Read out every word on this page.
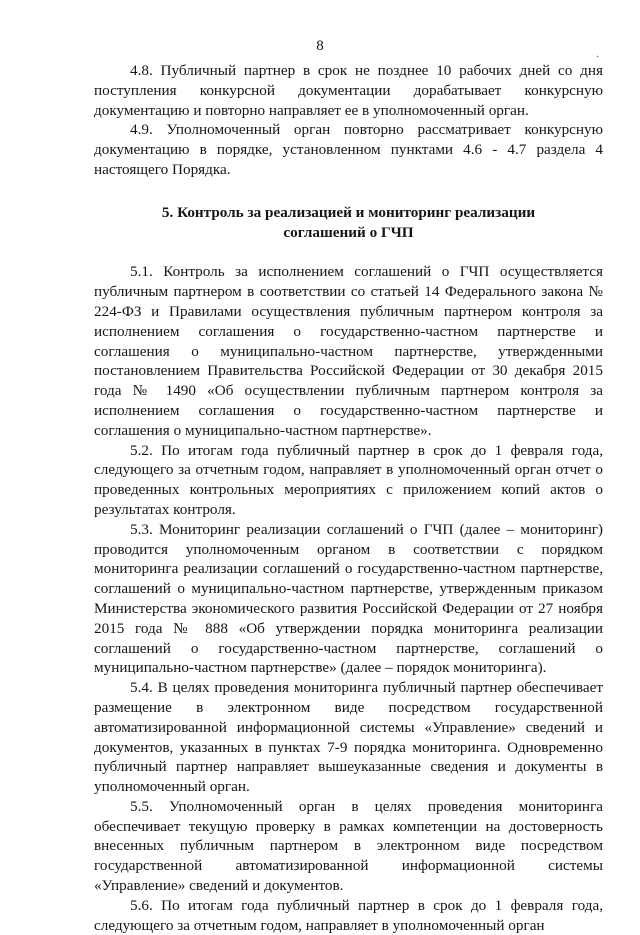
8	.

4.8. Публичный партнер в срок не позднее 10 рабочих дней со дня поступления конкурсной документации дорабатывает конкурсную документацию и повторно направляет ее в уполномоченный орган.

4.9. Уполномоченный орган повторно рассматривает конкурсную документацию в порядке, установленном пунктами 4.6 - 4.7 раздела 4 настоящего Порядка.

5. Контроль за реализацией и мониторинг реализации
соглашений о ГЧП

5.1. Контроль за исполнением соглашений о ГЧП осуществляется публичным партнером в соответствии со статьей 14 Федерального закона № 224-ФЗ и Правилами осуществления публичным партнером контроля за исполнением соглашения о государственно-частном партнерстве и соглашения о муниципально-частном партнерстве, утвержденными постановлением Правительства Российской Федерации от 30 декабря 2015 года № 1490 «Об осуществлении публичным партнером контроля за исполнением соглашения о государственно-частном партнерстве и соглашения о муниципально-частном партнерстве».

5.2. По итогам года публичный партнер в срок до 1 февраля года, следующего за отчетным годом, направляет в уполномоченный орган отчет о проведенных контрольных мероприятиях с приложением копий актов о результатах контроля.

5.3. Мониторинг реализации соглашений о ГЧП (далее – мониторинг) проводится уполномоченным органом в соответствии с порядком мониторинга реализации соглашений о государственно-частном партнерстве, соглашений о муниципально-частном партнерстве, утвержденным приказом Министерства экономического развития Российской Федерации от 27 ноября 2015 года № 888 «Об утверждении порядка мониторинга реализации соглашений о государственно-частном партнерстве, соглашений о муниципально-частном партнерстве» (далее – порядок мониторинга).

5.4. В целях проведения мониторинга публичный партнер обеспечивает размещение в электронном виде посредством государственной автоматизированной информационной системы «Управление» сведений и документов, указанных в пунктах 7-9 порядка мониторинга. Одновременно публичный партнер направляет вышеуказанные сведения и документы в уполномоченный орган.

5.5. Уполномоченный орган в целях проведения мониторинга обеспечивает текущую проверку в рамках компетенции на достоверность внесенных публичным партнером в электронном виде посредством государственной автоматизированной информационной системы «Управление» сведений и документов.

5.6. По итогам года публичный партнер в срок до 1 февраля года, следующего за отчетным годом, направляет в уполномоченный орган
